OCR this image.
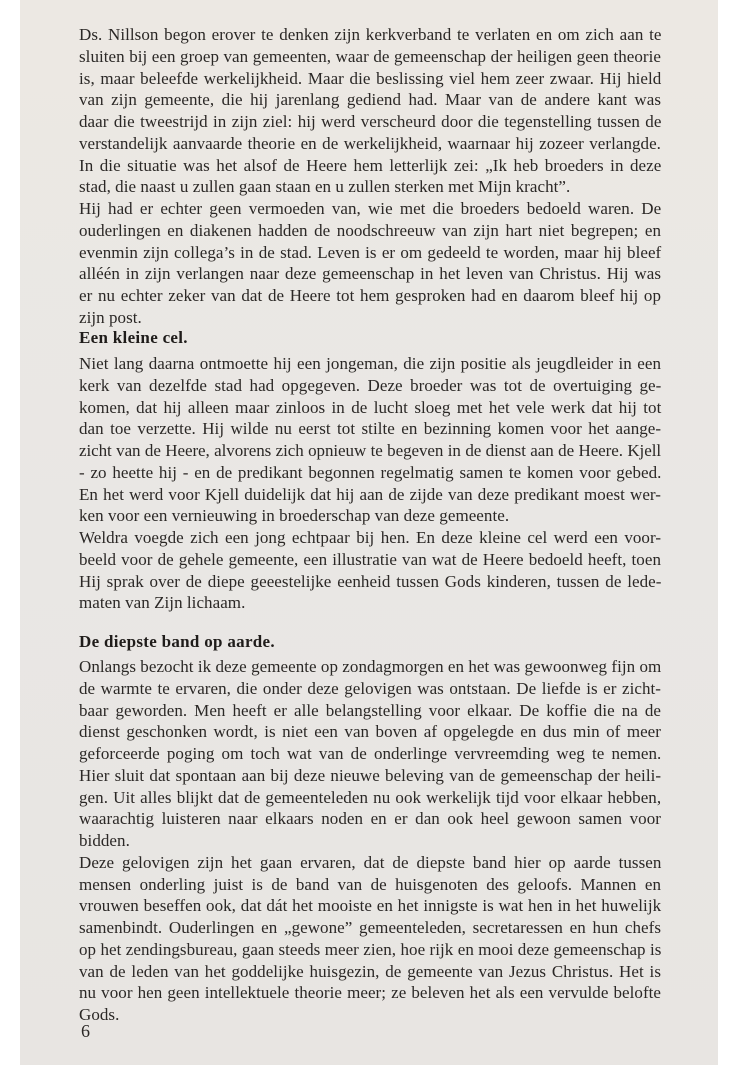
Ds. Nillson begon erover te denken zijn kerkverband te verlaten en om zich aan te
sluiten bij een groep van gemeenten, waar de gemeenschap der heiligen geen theorie
is, maar beleefde werkelijkheid. Maar die beslissing viel hem zeer zwaar. Hij hield
van zijn gemeente, die hij jarenlang gediend had. Maar van de andere kant was
daar die tweestrijd in zijn ziel: hij werd verscheurd door die tegenstelling tussen de
verstandelijk aanvaarde theorie en de werkelijkheid, waarnaar hij zozeer verlangde.
In die situatie was het alsof de Heere hem letterlijk zei: „Ik heb broeders in deze
stad, die naast u zullen gaan staan en u zullen sterken met Mijn kracht”.
Hij had er echter geen vermoeden van, wie met die broeders bedoeld waren. De
ouderlingen en diakenen hadden de noodschreeuw van zijn hart niet begrepen; en
evenmin zijn collega’s in de stad. Leven is er om gedeeld te worden, maar hij bleef
alléén in zijn verlangen naar deze gemeenschap in het leven van Christus. Hij was
er nu echter zeker van dat de Heere tot hem gesproken had en daarom bleef hij op
zijn post.
Een kleine cel.
Niet lang daarna ontmoette hij een jongeman, die zijn positie als jeugdleider in een
kerk van dezelfde stad had opgegeven. Deze broeder was tot de overtuiging ge-
komen, dat hij alleen maar zinloos in de lucht sloeg met het vele werk dat hij tot
dan toe verzette. Hij wilde nu eerst tot stilte en bezinning komen voor het aange-
zicht van de Heere, alvorens zich opnieuw te begeven in de dienst aan de Heere. Kjell
- zo heette hij - en de predikant begonnen regelmatig samen te komen voor gebed.
En het werd voor Kjell duidelijk dat hij aan de zijde van deze predikant moest wer-
ken voor een vernieuwing in broederschap van deze gemeente.
Weldra voegde zich een jong echtpaar bij hen. En deze kleine cel werd een voor-
beeld voor de gehele gemeente, een illustratie van wat de Heere bedoeld heeft, toen
Hij sprak over de diepe geeestelijke eenheid tussen Gods kinderen, tussen de lede-
maten van Zijn lichaam.
De diepste band op aarde.
Onlangs bezocht ik deze gemeente op zondagmorgen en het was gewoonweg fijn om
de warmte te ervaren, die onder deze gelovigen was ontstaan. De liefde is er zicht-
baar geworden. Men heeft er alle belangstelling voor elkaar. De koffie die na de
dienst geschonken wordt, is niet een van boven af opgelegde en dus min of meer
geforceerde poging om toch wat van de onderlinge vervreemding weg te nemen.
Hier sluit dat spontaan aan bij deze nieuwe beleving van de gemeenschap der heili-
gen. Uit alles blijkt dat de gemeenteleden nu ook werkelijk tijd voor elkaar hebben,
waarachtig luisteren naar elkaars noden en er dan ook heel gewoon samen voor
bidden.
Deze gelovigen zijn het gaan ervaren, dat de diepste band hier op aarde tussen
mensen onderling juist is de band van de huisgenoten des geloofs. Mannen en
vrouwen beseffen ook, dat dát het mooiste en het innigste is wat hen in het huwelijk
samenbindt. Ouderlingen en „gewone” gemeenteleden, secretaressen en hun chefs
op het zendingsbureau, gaan steeds meer zien, hoe rijk en mooi deze gemeenschap is
van de leden van het goddelijke huisgezin, de gemeente van Jezus Christus. Het is
nu voor hen geen intellektuele theorie meer; ze beleven het als een vervulde belofte
Gods.
6
